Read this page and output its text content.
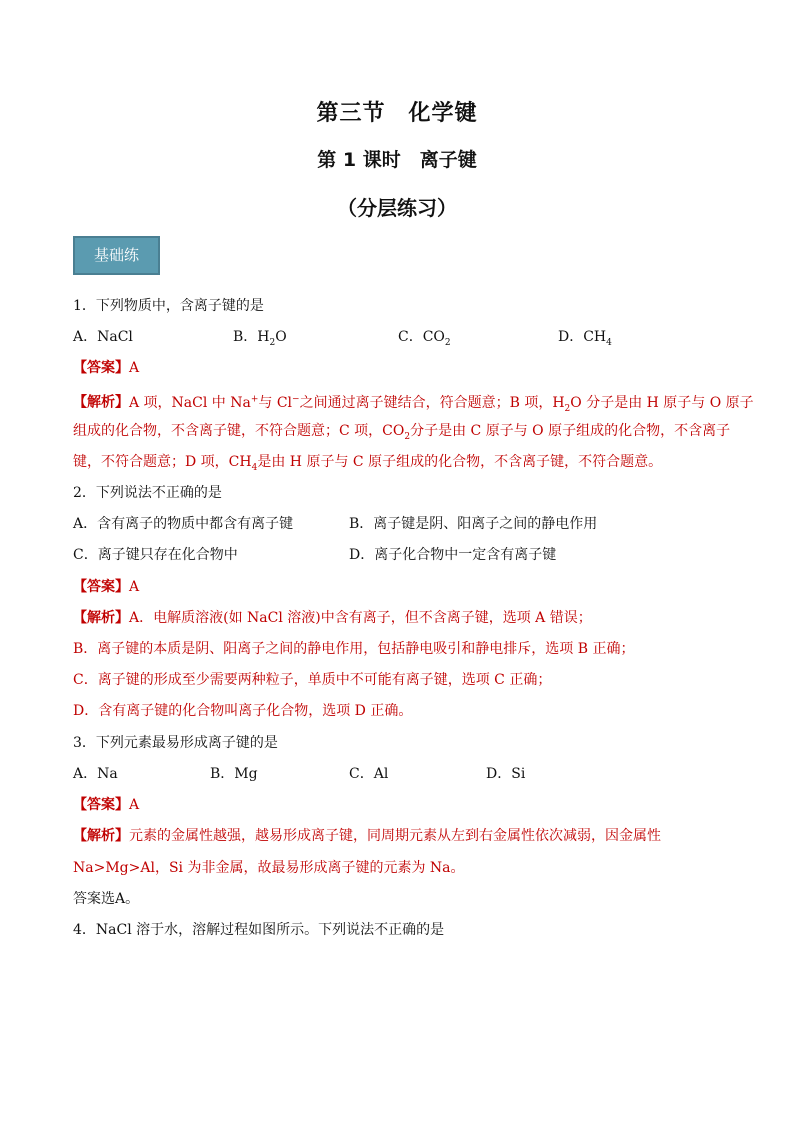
第三节　化学键
第 1 课时　离子键
（分层练习）
基础练
1．下列物质中，含离子键的是
A．NaCl	B．$H_2O$	C．$CO_2$	D．$CH_4$
【答案】A
【解析】A 项，NaCl 中 Na+与 Cl−之间通过离子键结合，符合题意；B 项，$H_2O$ 分子是由 H 原子与 O 原子
组成的化合物，不含离子键，不符合题意；C 项，$CO_2$分子是由 C 原子与 O 原子组成的化合物，不含离子
键，不符合题意；D 项，$CH_4$是由 H 原子与 C 原子组成的化合物，不含离子键，不符合题意。
2．下列说法不正确的是
A．含有离子的物质中都含有离子键	B．离子键是阴、阳离子之间的静电作用
C．离子键只存在化合物中	D．离子化合物中一定含有离子键
【答案】A
【解析】A．电解质溶液(如 NaCl 溶液)中含有离子，但不含离子键，选项 A 错误；
B．离子键的本质是阴、阳离子之间的静电作用，包括静电吸引和静电排斥，选项 B 正确；
C．离子键的形成至少需要两种粒子，单质中不可能有离子键，选项 C 正确；
D．含有离子键的化合物叫离子化合物，选项 D 正确。
3．下列元素最易形成离子键的是
A．Na	B．Mg	C．Al	D．Si
【答案】A
【解析】元素的金属性越强，越易形成离子键，同周期元素从左到右金属性依次减弱，因金属性
Na>Mg>Al，Si 为非金属，故最易形成离子键的元素为 Na。
答案选A。
4．NaCl 溶于水，溶解过程如图所示。下列说法不正确的是
